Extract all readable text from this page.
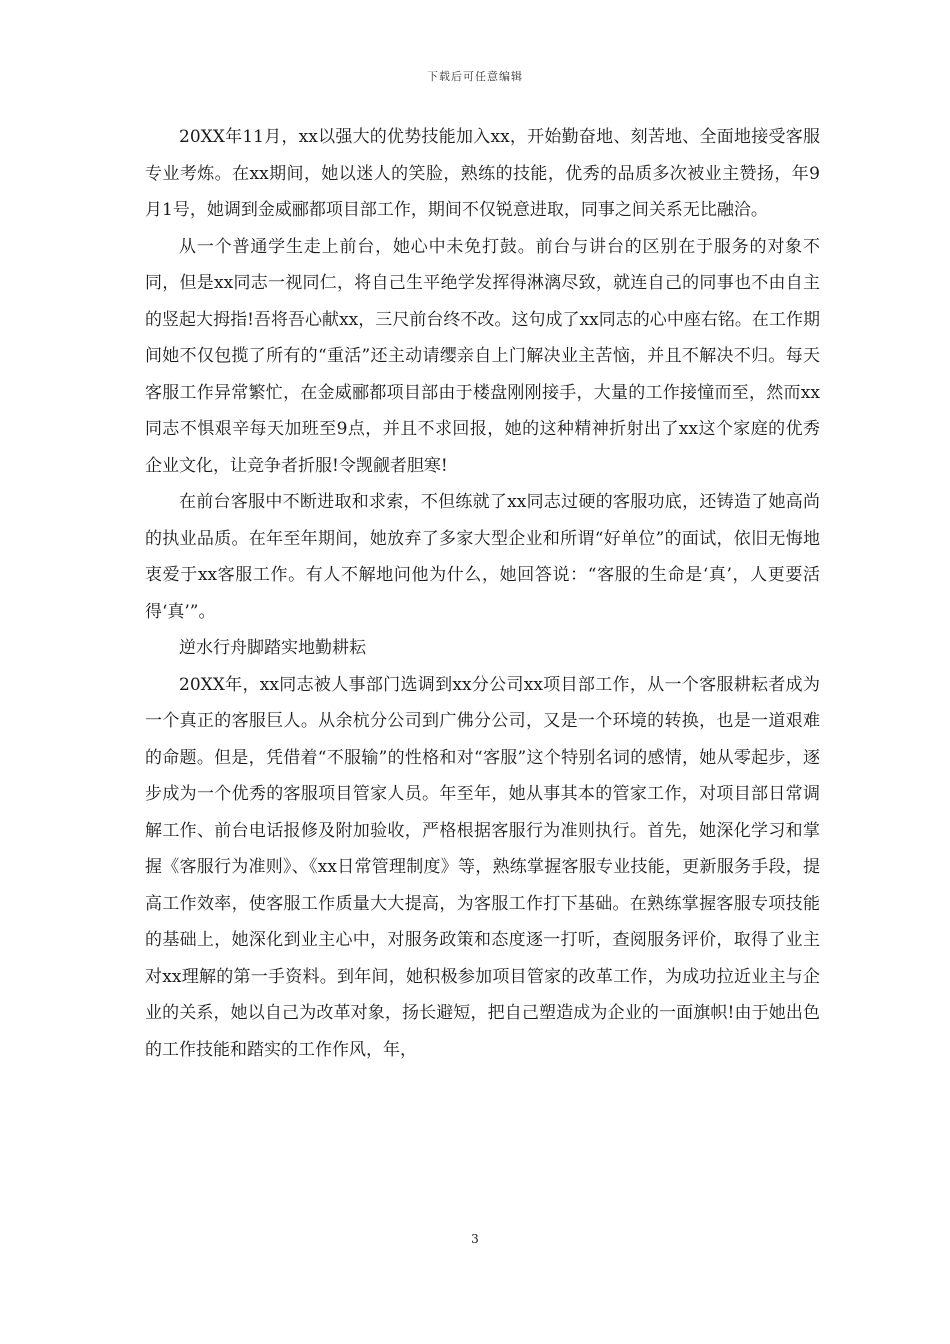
下载后可任意编辑

20XX年11月，xx以强大的优势技能加入xx，开始勤奋地、刻苦地、全面地接受客服专业考炼。在xx期间，她以迷人的笑脸，熟练的技能，优秀的品质多次被业主赞扬，年9月1号，她调到金威郦都项目部工作，期间不仅锐意进取，同事之间关系无比融洽。

从一个普通学生走上前台，她心中未免打鼓。前台与讲台的区别在于服务的对象不同，但是xx同志一视同仁，将自己生平绝学发挥得淋漓尽致，就连自己的同事也不由自主的竖起大拇指!吾将吾心献xx，三尺前台终不改。这句成了xx同志的心中座右铭。在工作期间她不仅包揽了所有的“重活”还主动请缨亲自上门解决业主苦恼，并且不解决不归。每天客服工作异常繁忙，在金威郦都项目部由于楼盘刚刚接手，大量的工作接憧而至，然而xx同志不惧艰辛每天加班至9点，并且不求回报，她的这种精神折射出了xx这个家庭的优秀企业文化，让竞争者折服!令觊觎者胆寒!

在前台客服中不断进取和求索，不但练就了xx同志过硬的客服功底，还铸造了她高尚的执业品质。在年至年期间，她放弃了多家大型企业和所谓“好单位”的面试，依旧无悔地衷爱于xx客服工作。有人不解地问他为什么，她回答说：“客服的生命是‘真’，人更要活得‘真’”。

逆水行舟脚踏实地勤耕耘

20XX年，xx同志被人事部门选调到xx分公司xx项目部工作，从一个客服耕耘者成为一个真正的客服巨人。从余杭分公司到广佛分公司，又是一个环境的转换，也是一道艰难的命题。但是，凭借着“不服输”的性格和对“客服”这个特别名词的感情，她从零起步，逐步成为一个优秀的客服项目管家人员。年至年，她从事其本的管家工作，对项目部日常调解工作、前台电话报修及附加验收，严格根据客服行为准则执行。首先，她深化学习和掌握《客服行为准则》、《xx日常管理制度》等，熟练掌握客服专业技能，更新服务手段，提高工作效率，使客服工作质量大大提高，为客服工作打下基础。在熟练掌握客服专项技能的基础上，她深化到业主心中，对服务政策和态度逐一打听，查阅服务评价，取得了业主对xx理解的第一手资料。到年间，她积极参加项目管家的改革工作，为成功拉近业主与企业的关系，她以自己为改革对象，扬长避短，把自己塑造成为企业的一面旗帜!由于她出色的工作技能和踏实的工作作风，年，

3
